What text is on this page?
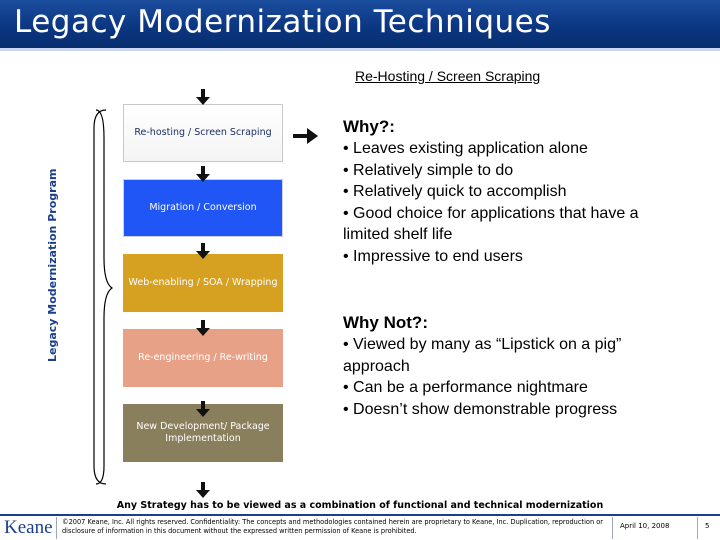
Legacy Modernization Techniques
Re-Hosting / Screen Scraping
Legacy Modernization Program
Re-hosting / Screen Scraping
Migration / Conversion
Web-enabling / SOA / Wrapping
Re-engineering / Re-writing
New Development/ Package Implementation
Why?:
• Leaves existing application alone
• Relatively simple to do
• Relatively quick to accomplish
• Good choice for applications that have a limited shelf life
• Impressive to end users
Why Not?:
• Viewed by many as “Lipstick on a pig” approach
• Can be a performance nightmare
• Doesn’t show demonstrable progress
Any Strategy has to be viewed as a combination of functional and technical modernization
Keane ©2007 Keane, Inc. All rights reserved. Confidentiality: The concepts and methodologies contained herein are proprietary to Keane, Inc. Duplication, reproduction or disclosure of information in this document without the expressed written permission of Keane is prohibited.
April 10, 2008	5
